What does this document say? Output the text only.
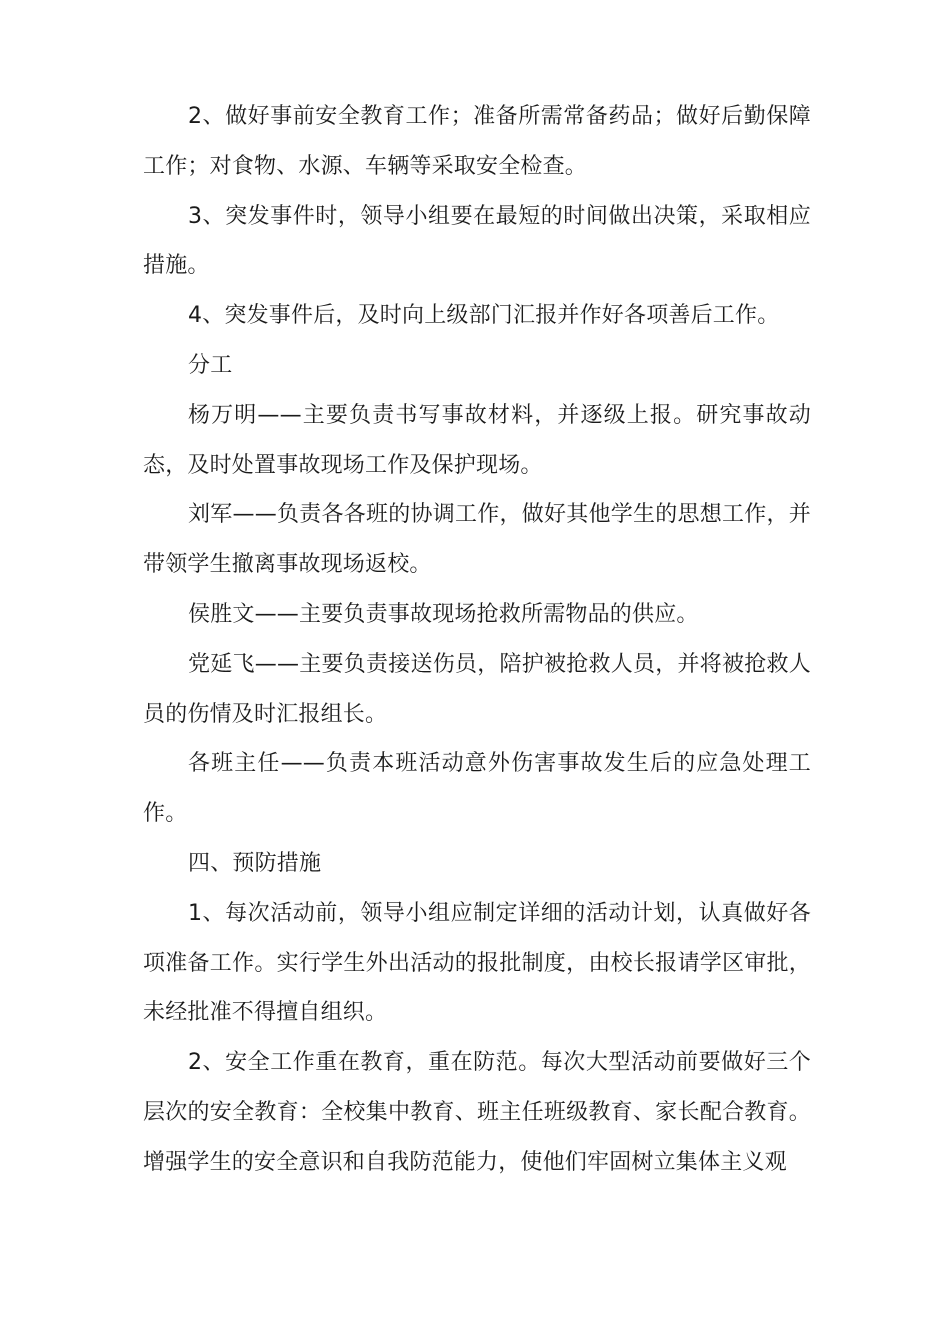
2、做好事前安全教育工作；准备所需常备药品；做好后勤保障工作；对食物、水源、车辆等采取安全检查。

3、突发事件时，领导小组要在最短的时间做出决策，采取相应措施。

4、突发事件后，及时向上级部门汇报并作好各项善后工作。

分工

杨万明——主要负责书写事故材料，并逐级上报。研究事故动态，及时处置事故现场工作及保护现场。

刘军——负责各各班的协调工作，做好其他学生的思想工作，并带领学生撤离事故现场返校。

侯胜文——主要负责事故现场抢救所需物品的供应。

党延飞——主要负责接送伤员，陪护被抢救人员，并将被抢救人员的伤情及时汇报组长。

各班主任——负责本班活动意外伤害事故发生后的应急处理工作。

四、预防措施

1、每次活动前，领导小组应制定详细的活动计划，认真做好各项准备工作。实行学生外出活动的报批制度，由校长报请学区审批，未经批准不得擅自组织。

2、安全工作重在教育，重在防范。每次大型活动前要做好三个层次的安全教育：全校集中教育、班主任班级教育、家长配合教育。增强学生的安全意识和自我防范能力，使他们牢固树立集体主义观
